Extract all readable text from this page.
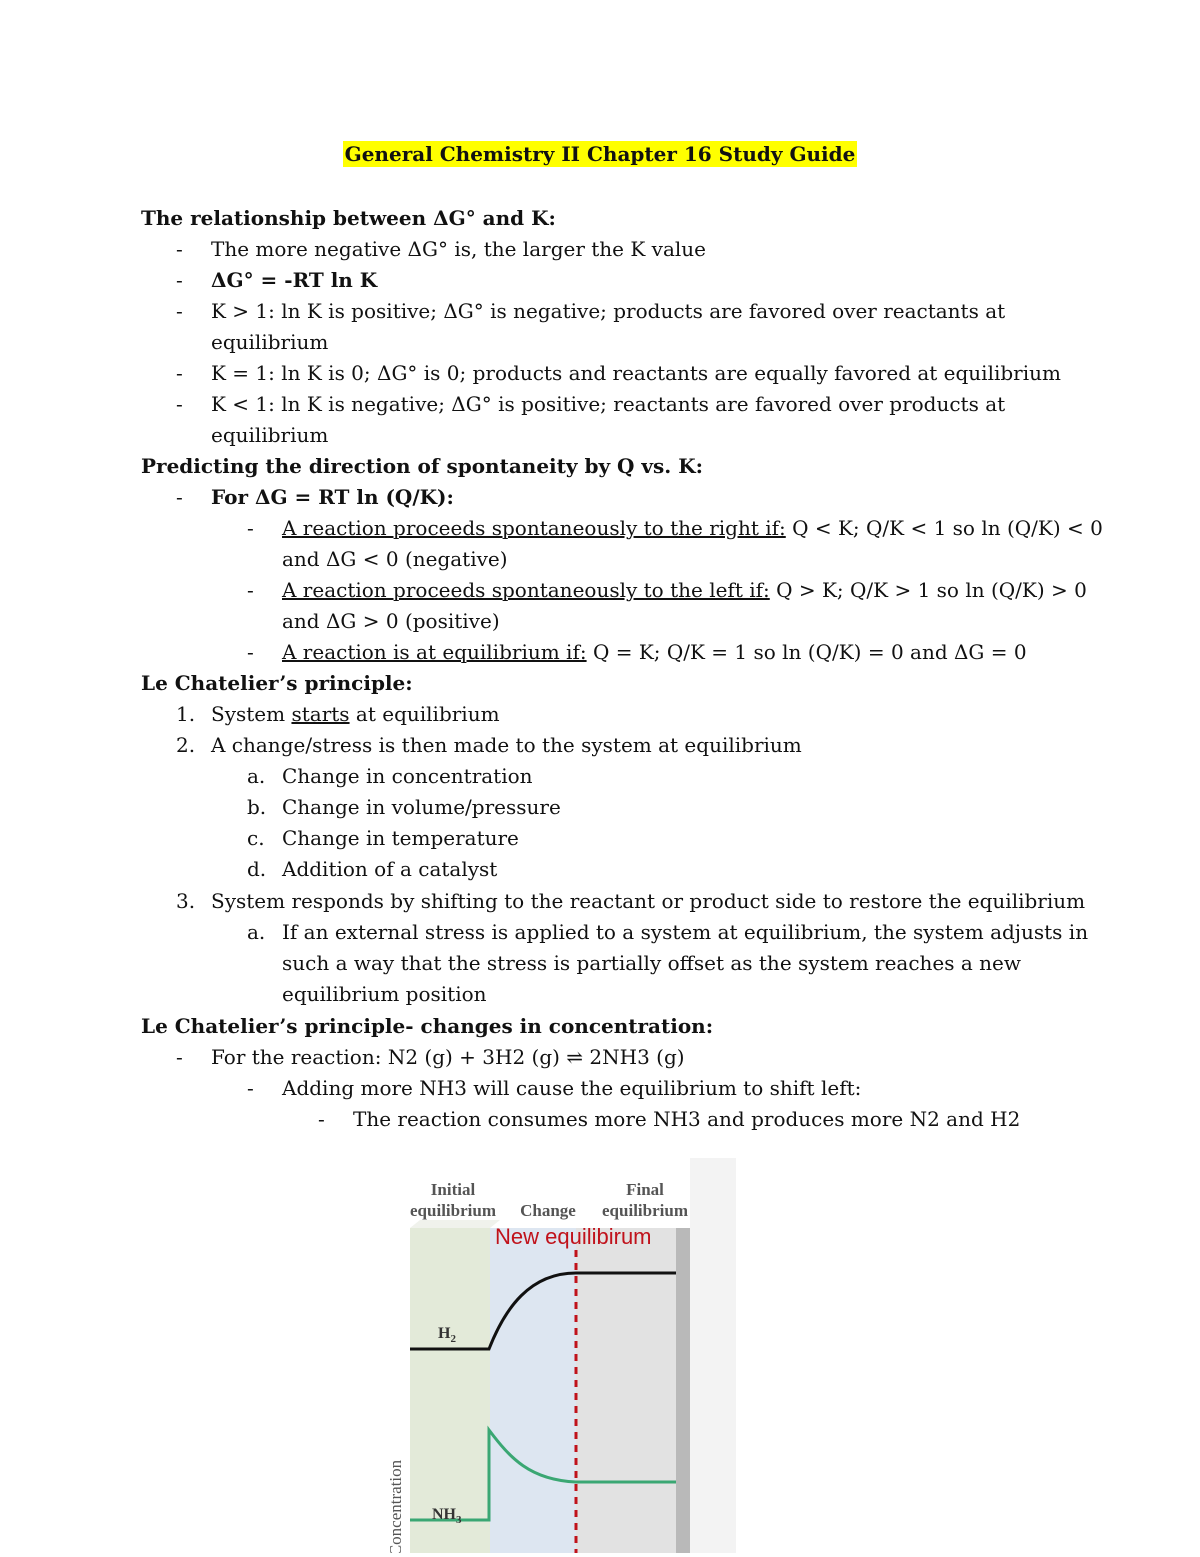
General Chemistry II Chapter 16 Study Guide
The relationship between ΔG° and K:
- The more negative ΔG° is, the larger the K value
- ΔG° = -RT ln K
- K > 1: ln K is positive; ΔG° is negative; products are favored over reactants at
equilibrium
- K = 1: ln K is 0; ΔG° is 0; products and reactants are equally favored at equilibrium
- K < 1: ln K is negative; ΔG° is positive; reactants are favored over products at
equilibrium
Predicting the direction of spontaneity by Q vs. K:
- For ΔG = RT ln (Q/K):
- A reaction proceeds spontaneously to the right if: Q < K; Q/K < 1 so ln (Q/K) < 0
and ΔG < 0 (negative)
- A reaction proceeds spontaneously to the left if: Q > K; Q/K > 1 so ln (Q/K) > 0
and ΔG > 0 (positive)
- A reaction is at equilibrium if: Q = K; Q/K = 1 so ln (Q/K) = 0 and ΔG = 0
Le Chatelier’s principle:
1. System starts at equilibrium
2. A change/stress is then made to the system at equilibrium
a. Change in concentration
b. Change in volume/pressure
c. Change in temperature
d. Addition of a catalyst
3. System responds by shifting to the reactant or product side to restore the equilibrium
a. If an external stress is applied to a system at equilibrium, the system adjusts in
such a way that the stress is partially offset as the system reaches a new
equilibrium position
Le Chatelier’s principle- changes in concentration:
- For the reaction: N2 (g) + 3H2 (g) ⇌ 2NH3 (g)
- Adding more NH3 will cause the equilibrium to shift left:
- The reaction consumes more NH3 and produces more N2 and H2
Initial
equilibrium Change
Final
equilibrium
New equilibirum
$H_2$
$NH_3$
Concentration
